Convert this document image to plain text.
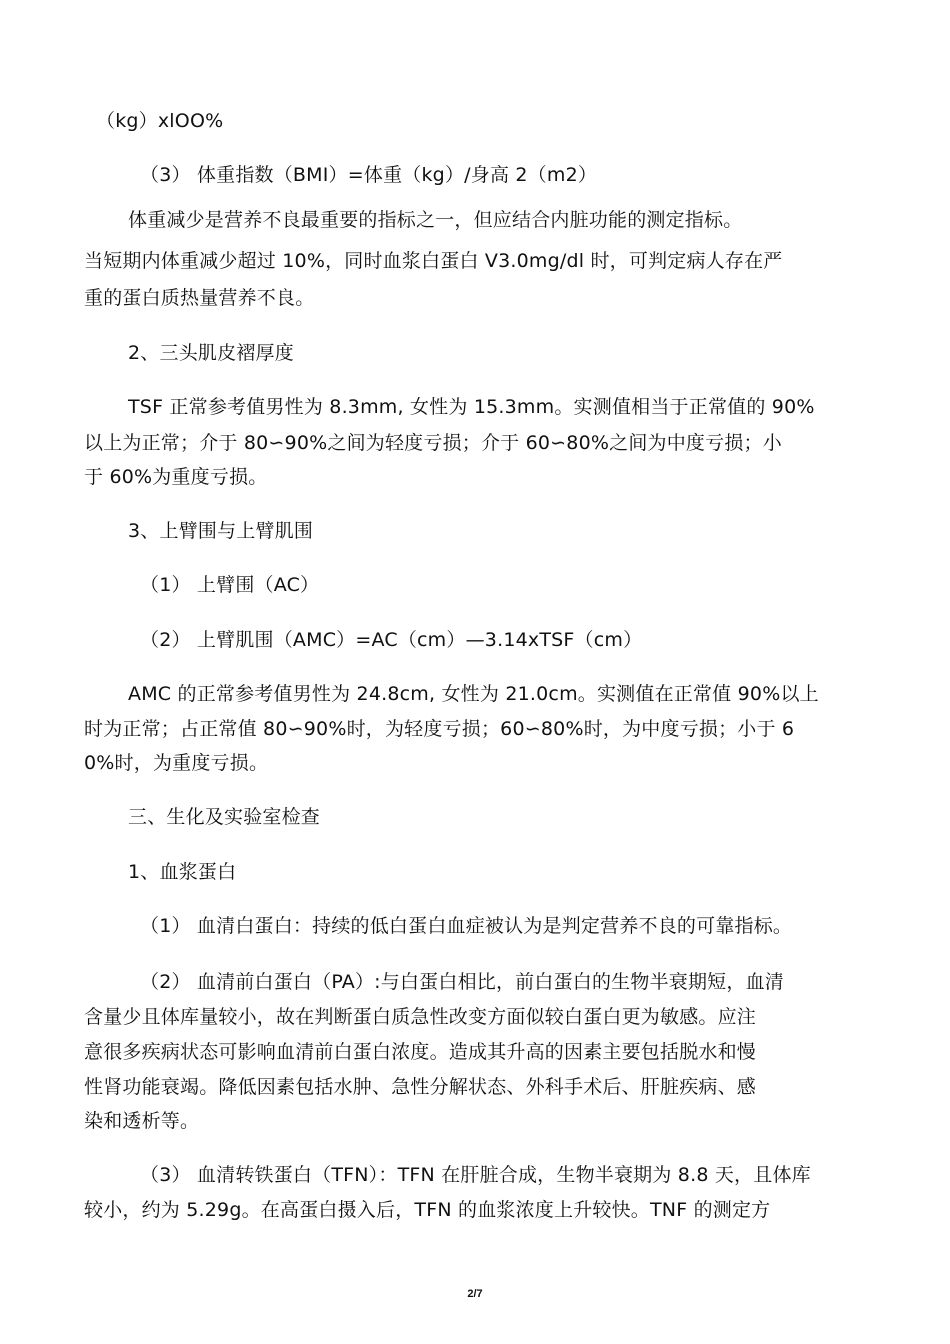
（kg）xlOO%
（3） 体重指数（BMI）=体重（kg）/身高 2（m2）
体重减少是营养不良最重要的指标之一，但应结合内脏功能的测定指标。
当短期内体重减少超过 10%，同时血浆白蛋白 V3.0mg/dl 时，可判定病人存在严
重的蛋白质热量营养不良。
2、三头肌皮褶厚度
TSF 正常参考值男性为 8.3mm, 女性为 15.3mm。实测值相当于正常值的 90%
以上为正常；介于 80∽90%之间为轻度亏损；介于 60∽80%之间为中度亏损；小
于 60%为重度亏损。
3、上臂围与上臂肌围
（1） 上臂围（AC）
（2） 上臂肌围（AMC）=AC（cm）—3.14xTSF（cm）
AMC 的正常参考值男性为 24.8cm, 女性为 21.0cm。实测值在正常值 90%以上
时为正常；占正常值 80∽90%时，为轻度亏损；60∽80%时，为中度亏损；小于 6
0%时，为重度亏损。
三、生化及实验室检查
1、血浆蛋白
（1） 血清白蛋白：持续的低白蛋白血症被认为是判定营养不良的可靠指标。
（2） 血清前白蛋白（PA）:与白蛋白相比，前白蛋白的生物半衰期短，血清
含量少且体库量较小，故在判断蛋白质急性改变方面似较白蛋白更为敏感。应注
意很多疾病状态可影响血清前白蛋白浓度。造成其升高的因素主要包括脱水和慢
性肾功能衰竭。降低因素包括水肿、急性分解状态、外科手术后、肝脏疾病、感
染和透析等。
（3） 血清转铁蛋白（TFN）：TFN 在肝脏合成，生物半衰期为 8.8 天，且体库
较小，约为 5.29g。在高蛋白摄入后，TFN 的血浆浓度上升较快。TNF 的测定方
2/7
